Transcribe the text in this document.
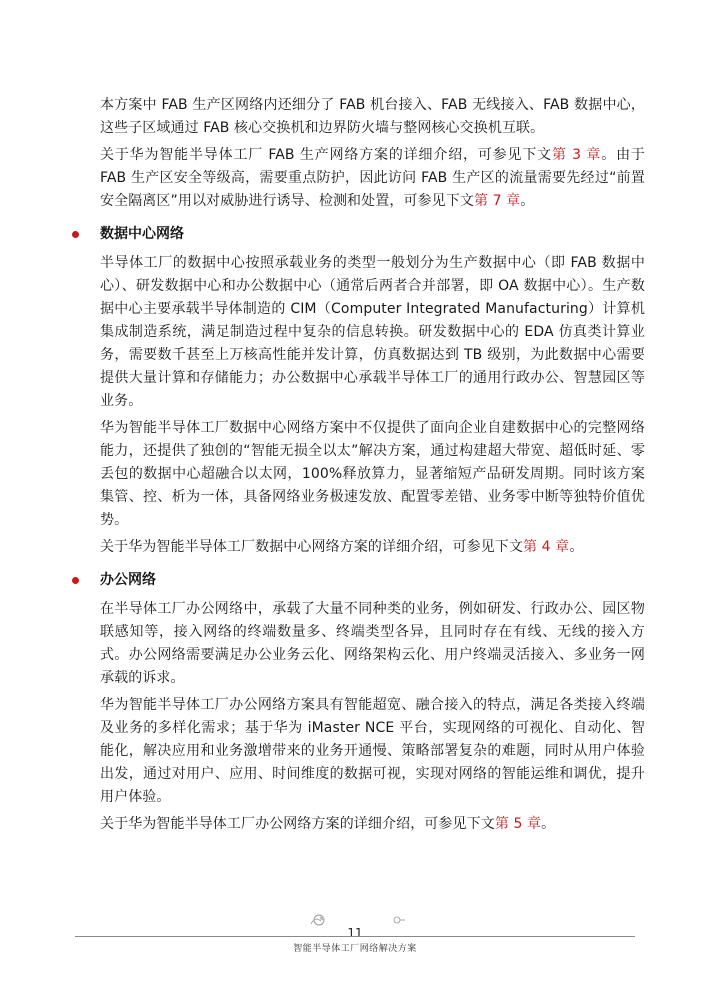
本方案中 FAB 生产区网络内还细分了 FAB 机台接入、FAB 无线接入、FAB 数据中心，这些子区域通过 FAB 核心交换机和边界防火墙与整网核心交换机互联。

关于华为智能半导体工厂 FAB 生产网络方案的详细介绍，可参见下文第 3 章。由于 FAB 生产区安全等级高，需要重点防护，因此访问 FAB 生产区的流量需要先经过“前置安全隔离区”用以对威胁进行诱导、检测和处置，可参见下文第 7 章。

数据中心网络

半导体工厂的数据中心按照承载业务的类型一般划分为生产数据中心（即 FAB 数据中心）、研发数据中心和办公数据中心（通常后两者合并部署，即 OA 数据中心）。生产数据中心主要承载半导体制造的 CIM（Computer Integrated Manufacturing）计算机集成制造系统，满足制造过程中复杂的信息转换。研发数据中心的 EDA 仿真类计算业务，需要数千甚至上万核高性能并发计算，仿真数据达到 TB 级别，为此数据中心需要提供大量计算和存储能力；办公数据中心承载半导体工厂的通用行政办公、智慧园区等业务。

华为智能半导体工厂数据中心网络方案中不仅提供了面向企业自建数据中心的完整网络能力，还提供了独创的“智能无损全以太”解决方案，通过构建超大带宽、超低时延、零丢包的数据中心超融合以太网，100%释放算力，显著缩短产品研发周期。同时该方案集管、控、析为一体，具备网络业务极速发放、配置零差错、业务零中断等独特价值优势。

关于华为智能半导体工厂数据中心网络方案的详细介绍，可参见下文第 4 章。

办公网络

在半导体工厂办公网络中，承载了大量不同种类的业务，例如研发、行政办公、园区物联感知等，接入网络的终端数量多、终端类型各异，且同时存在有线、无线的接入方式。办公网络需要满足办公业务云化、网络架构云化、用户终端灵活接入、多业务一网承载的诉求。

华为智能半导体工厂办公网络方案具有智能超宽、融合接入的特点，满足各类接入终端及业务的多样化需求；基于华为 iMaster NCE 平台，实现网络的可视化、自动化、智能化，解决应用和业务激增带来的业务开通慢、策略部署复杂的难题，同时从用户体验出发，通过对用户、应用、时间维度的数据可视，实现对网络的智能运维和调优，提升用户体验。

关于华为智能半导体工厂办公网络方案的详细介绍，可参见下文第 5 章。

11
智能半导体工厂网络解决方案
